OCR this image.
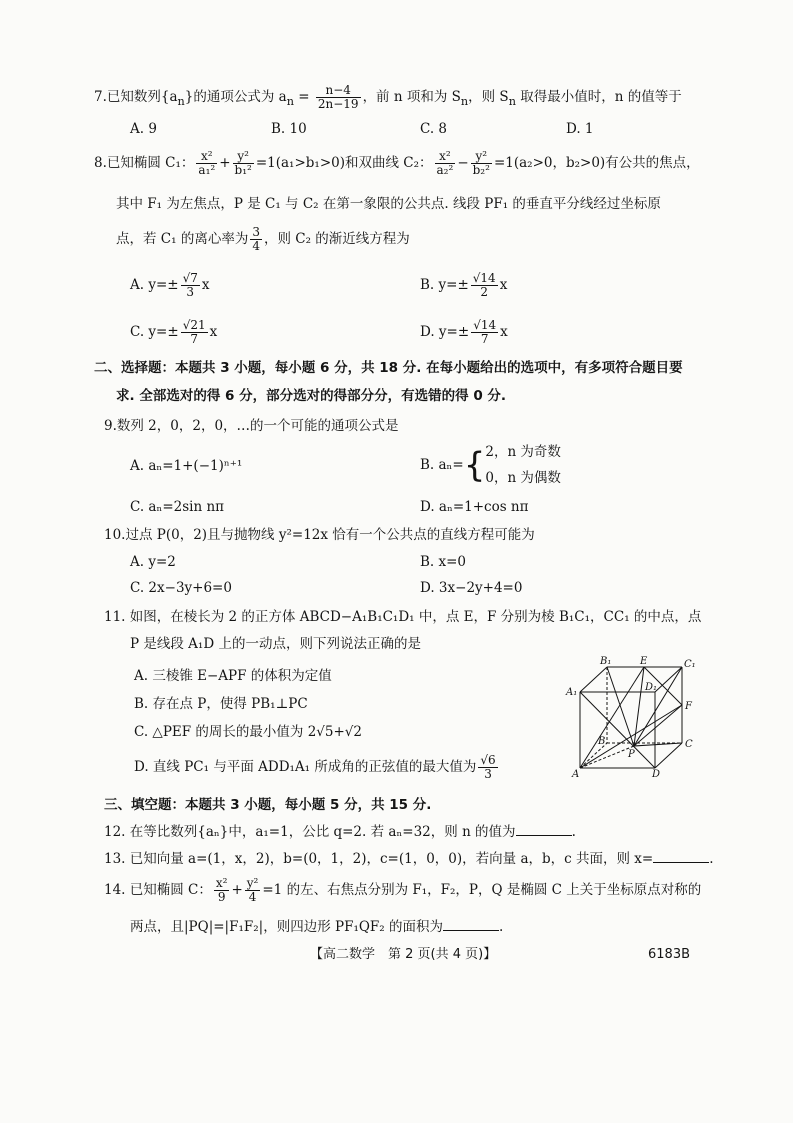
7.已知数列$\{a_n\}$的通项公式为 $a_n = \frac{n-4}{2n-19}$ ，前 n 项和为 $S_n$，则 $S_n$ 取得最小值时，n 的值等于
A. 9	B. 10	C. 8	D. 1
8.已知椭圆 C₁： $\frac{\text{x²}}{\text{a₁²}} + \frac{\text{y²}}{\text{b₁²}} =1(a_1>b_1>0)$和双曲线 C₂： $\frac{\text{x²}}{\text{a₂²}} - \frac{\text{y²}}{\text{b₂²}} =1(a_2>0$，b₂>0)有公共的焦点，
其中 F₁ 为左焦点，P 是 C₁ 与 C₂ 在第一象限的公共点. 线段 PF₁ 的垂直平分线经过坐标原
点，若 C₁ 的离心率为 $\frac{3}{4}$ ，则 C₂ 的渐近线方程为
A. $y=\pm \frac{√7}{3}$ x	B. $y=\pm \frac{√14}{2}$ x
C. $y=\pm \frac{√21}{7}$ x	D. $y=\pm \frac{√14}{7}$ x
二、选择题：本题共 3 小题，每小题 6 分，共 18 分. 在每小题给出的选项中，有多项符合题目要
求. 全部选对的得 6 分，部分选对的得部分分，有选错的得 0 分.
9.数列 2，0，2，0，…的一个可能的通项公式是
A. aₙ=1+(−1)ⁿ⁺¹	B. aₙ={ 2，n 为奇数
0，n 为偶数
C. aₙ=2sin nπ	D. aₙ=1+cos nπ
10.过点 P(0，2)且与抛物线 y²=12x 恰有一个公共点的直线方程可能为
A. y=2	B. x=0
C. 2x−3y+6=0	D. 3x−2y+4=0
11. 如图，在棱长为 2 的正方体 ABCD−A₁B₁C₁D₁ 中，点 E，F 分别为棱 B₁C₁，CC₁ 的中点，点
P 是线段 A₁D 上的一动点，则下列说法正确的是
A. 三棱锥 E−APF 的体积为定值
B. 存在点 P，使得 PB₁⊥PC
C. △PEF 的周长的最小值为 2√5+√2
D. 直线 PC₁ 与平面 ADD₁A₁ 所成角的正弦值的最大值为 $\frac{√6}{3}$
B₁	E	C₁
A₁	D₁
F
B
P
C
A	D
三、填空题：本题共 3 小题，每小题 5 分，共 15 分.
12. 在等比数列{aₙ}中，a₁=1，公比 q=2. 若 aₙ=32，则 n 的值为	.
13. 已知向量 a=(1，x，2)，b=(0，1，2)，c=(1，0，0)，若向量 a，b，c 共面，则 x=	.
14. 已知椭圆 C： $\frac{\text{x²}}{9} + \frac{\text{y²}}{4} =1$ 的左、右焦点分别为 F₁，F₂，P，Q 是椭圆 C 上关于坐标原点对称的
两点，且|PQ|=|F₁F₂|，则四边形 PF₁QF₂ 的面积为	.
【高二数学　第 2 页(共 4 页)】	6183B
